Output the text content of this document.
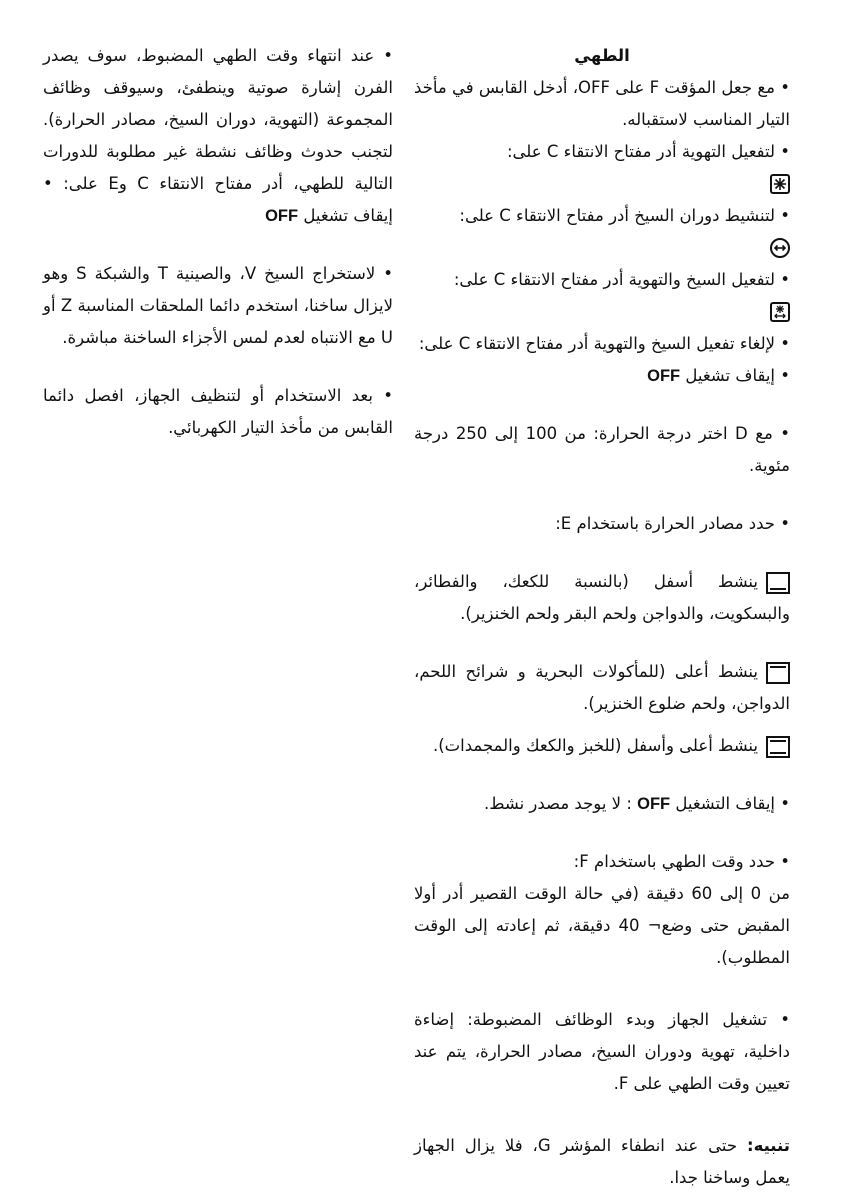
الطهي

• مع جعل المؤقت F على OFF، أدخل القابس في مأخذ التيار المناسب لاستقباله.

• لتفعيل التهوية أدر مفتاح الانتقاء C على:

• لتنشيط دوران السيخ أدر مفتاح الانتقاء C على:

• لتفعيل السيخ والتهوية أدر مفتاح الانتقاء C على:

• لإلغاء تفعيل السيخ والتهوية أدر مفتاح الانتقاء C على:

• إيقاف تشغيل OFF

• مع D اختر درجة الحرارة: من 100 إلى 250 درجة مئوية.

• حدد مصادر الحرارة باستخدام E:

ينشط أسفل (بالنسبة للكعك، والفطائر، والبسكويت، والدواجن ولحم البقر ولحم الخنزير).

ينشط أعلى (للمأكولات البحرية و شرائح اللحم، الدواجن، ولحم ضلوع الخنزير).

ينشط أعلى وأسفل (للخبز والكعك والمجمدات).

• إيقاف التشغيل OFF : لا يوجد مصدر نشط.

• حدد وقت الطهي باستخدام F:

من 0 إلى 60 دقيقة (في حالة الوقت القصير أدر أولا المقبض حتى وضع¬ 40 دقيقة، ثم إعادته إلى الوقت المطلوب).

• تشغيل الجهاز وبدء الوظائف المضبوطة: إضاءة داخلية، تهوية ودوران السيخ، مصادر الحرارة، يتم عند تعيين وقت الطهي على F.

تنبيه: حتى عند انطفاء المؤشر G، فلا يزال الجهاز يعمل وساخنا جدا.

• عند انتهاء وقت الطهي المضبوط، سوف يصدر الفرن إشارة صوتية وينطفئ، وسيوقف وظائف المجموعة (التهوية، دوران السيخ، مصادر الحرارة). لتجنب حدوث وظائف نشطة غير مطلوبة للدورات التالية للطهي، أدر مفتاح الانتقاء C وE على: • إيقاف تشغيل OFF

• لاستخراج السيخ V، والصينية T والشبكة S وهو لايزال ساخنا، استخدم دائما الملحقات المناسبة Z أو U مع الانتباه لعدم لمس الأجزاء الساخنة مباشرة.

• بعد الاستخدام أو لتنظيف الجهاز، افصل دائما القابس من مأخذ التيار الكهربائي.
